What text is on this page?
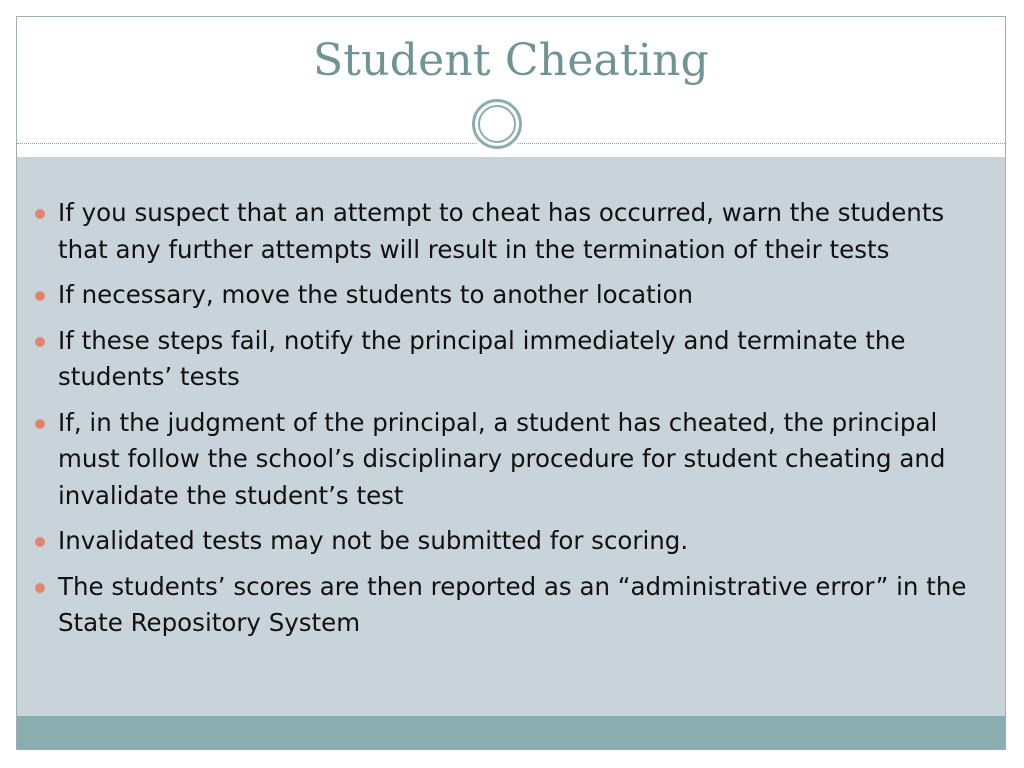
Student Cheating
If you suspect that an attempt to cheat has occurred, warn the students that any further attempts will result in the termination of their tests
If necessary, move the students to another location
If these steps fail, notify the principal immediately and terminate the students’ tests
If, in the judgment of the principal, a student has cheated, the principal must follow the school’s disciplinary procedure for student cheating and invalidate the student’s test
Invalidated tests may not be submitted for scoring.
The students’ scores are then reported as an “administrative error” in the State Repository System
